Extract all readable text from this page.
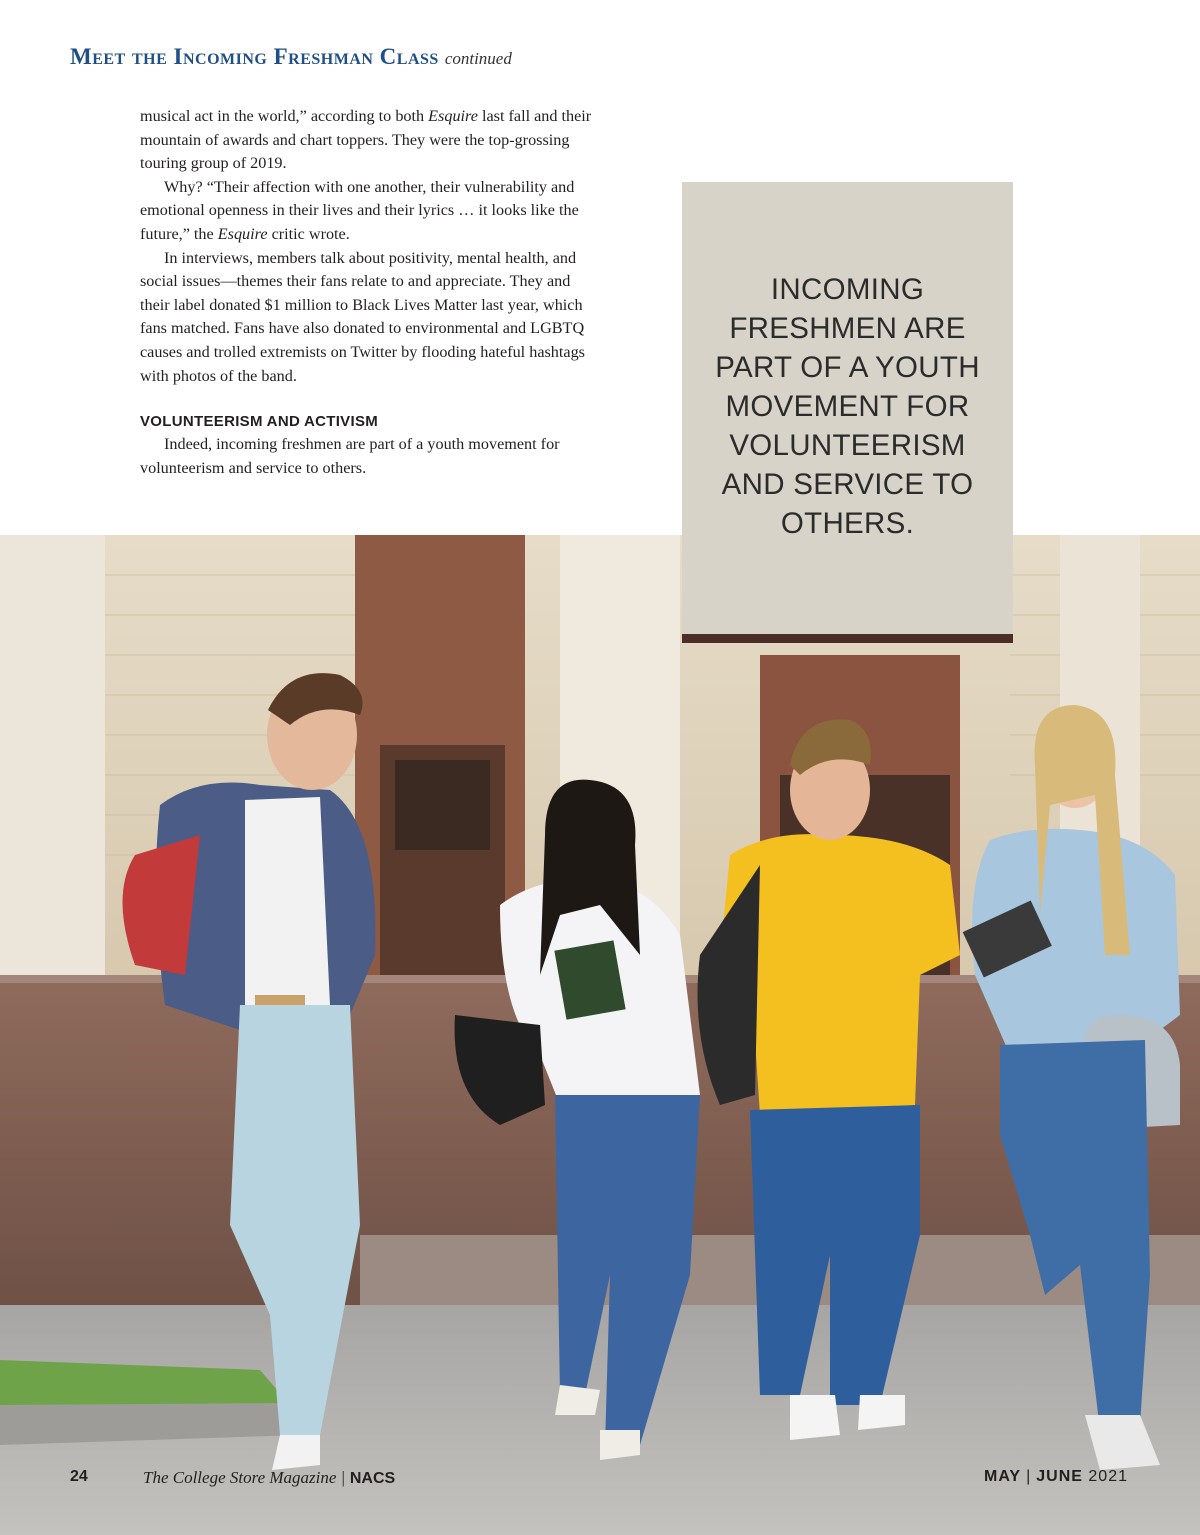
Meet the Incoming Freshman Class continued

musical act in the world,” according to both Esquire last fall and their mountain of awards and chart toppers. They were the top-grossing touring group of 2019.

Why? “Their affection with one another, their vulnerability and emotional openness in their lives and their lyrics … it looks like the future,” the Esquire critic wrote.

In interviews, members talk about positivity, mental health, and social issues—themes their fans relate to and appreciate. They and their label donated $1 million to Black Lives Matter last year, which fans matched. Fans have also donated to environmental and LGBTQ causes and trolled extremists on Twitter by flooding hateful hashtags with photos of the band.

VOLUNTEERISM AND ACTIVISM

Indeed, incoming freshmen are part of a youth movement for volunteerism and service to others.

INCOMING FRESHMEN ARE PART OF A YOUTH MOVEMENT FOR VOLUNTEERISM AND SERVICE TO OTHERS.
24	The College Store Magazine | NACS	MAY | JUNE 2021
